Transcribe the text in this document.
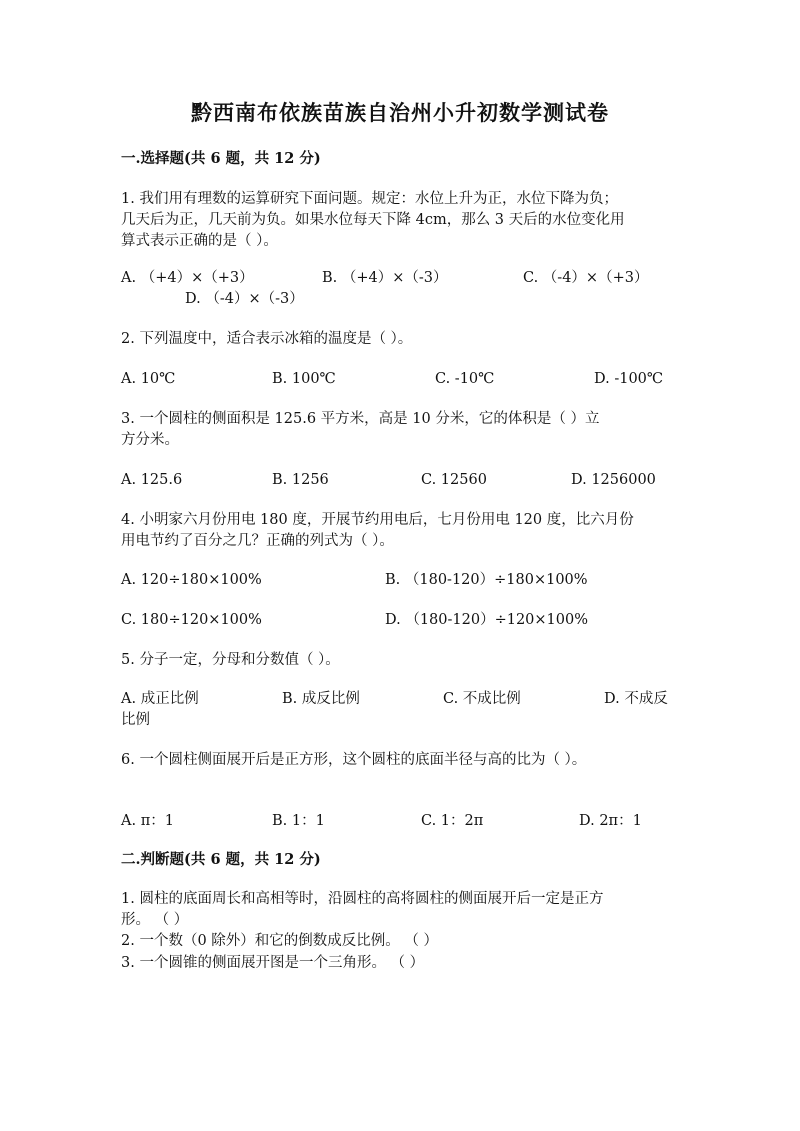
黔西南布依族苗族自治州小升初数学测试卷
一.选择题(共 6 题，共 12 分)
1. 我们用有理数的运算研究下面问题。规定：水位上升为正，水位下降为负；
几天后为正，几天前为负。如果水位每天下降 4cm，那么 3 天后的水位变化用
算式表示正确的是（ ）。
A. （+4）×（+3）	B. （+4）×（-3）	C. （-4）×（+3）
D. （-4）×（-3）
2. 下列温度中，适合表示冰箱的温度是（ ）。
A. 10℃	B. 100℃	C. -10℃	D. -100℃
3. 一个圆柱的侧面积是 125.6 平方米，高是 10 分米，它的体积是（ ）立
方分米。
A. 125.6	B. 1256	C. 12560	D. 1256000
4. 小明家六月份用电 180 度，开展节约用电后，七月份用电 120 度，比六月份
用电节约了百分之几？正确的列式为（ ）。
A. 120÷180×100%	B. （180-120）÷180×100%
C. 180÷120×100%	D. （180-120）÷120×100%
5. 分子一定，分母和分数值（ ）。
A. 成正比例	B. 成反比例	C. 不成比例	D. 不成反
比例
6. 一个圆柱侧面展开后是正方形，这个圆柱的底面半径与高的比为（ ）。
A. π：1	B. 1：1	C. 1：2π	D. 2π：1
二.判断题(共 6 题，共 12 分)
1. 圆柱的底面周长和高相等时，沿圆柱的高将圆柱的侧面展开后一定是正方
形。 （ ）
2. 一个数（0 除外）和它的倒数成反比例。 （ ）
3. 一个圆锥的侧面展开图是一个三角形。 （ ）
